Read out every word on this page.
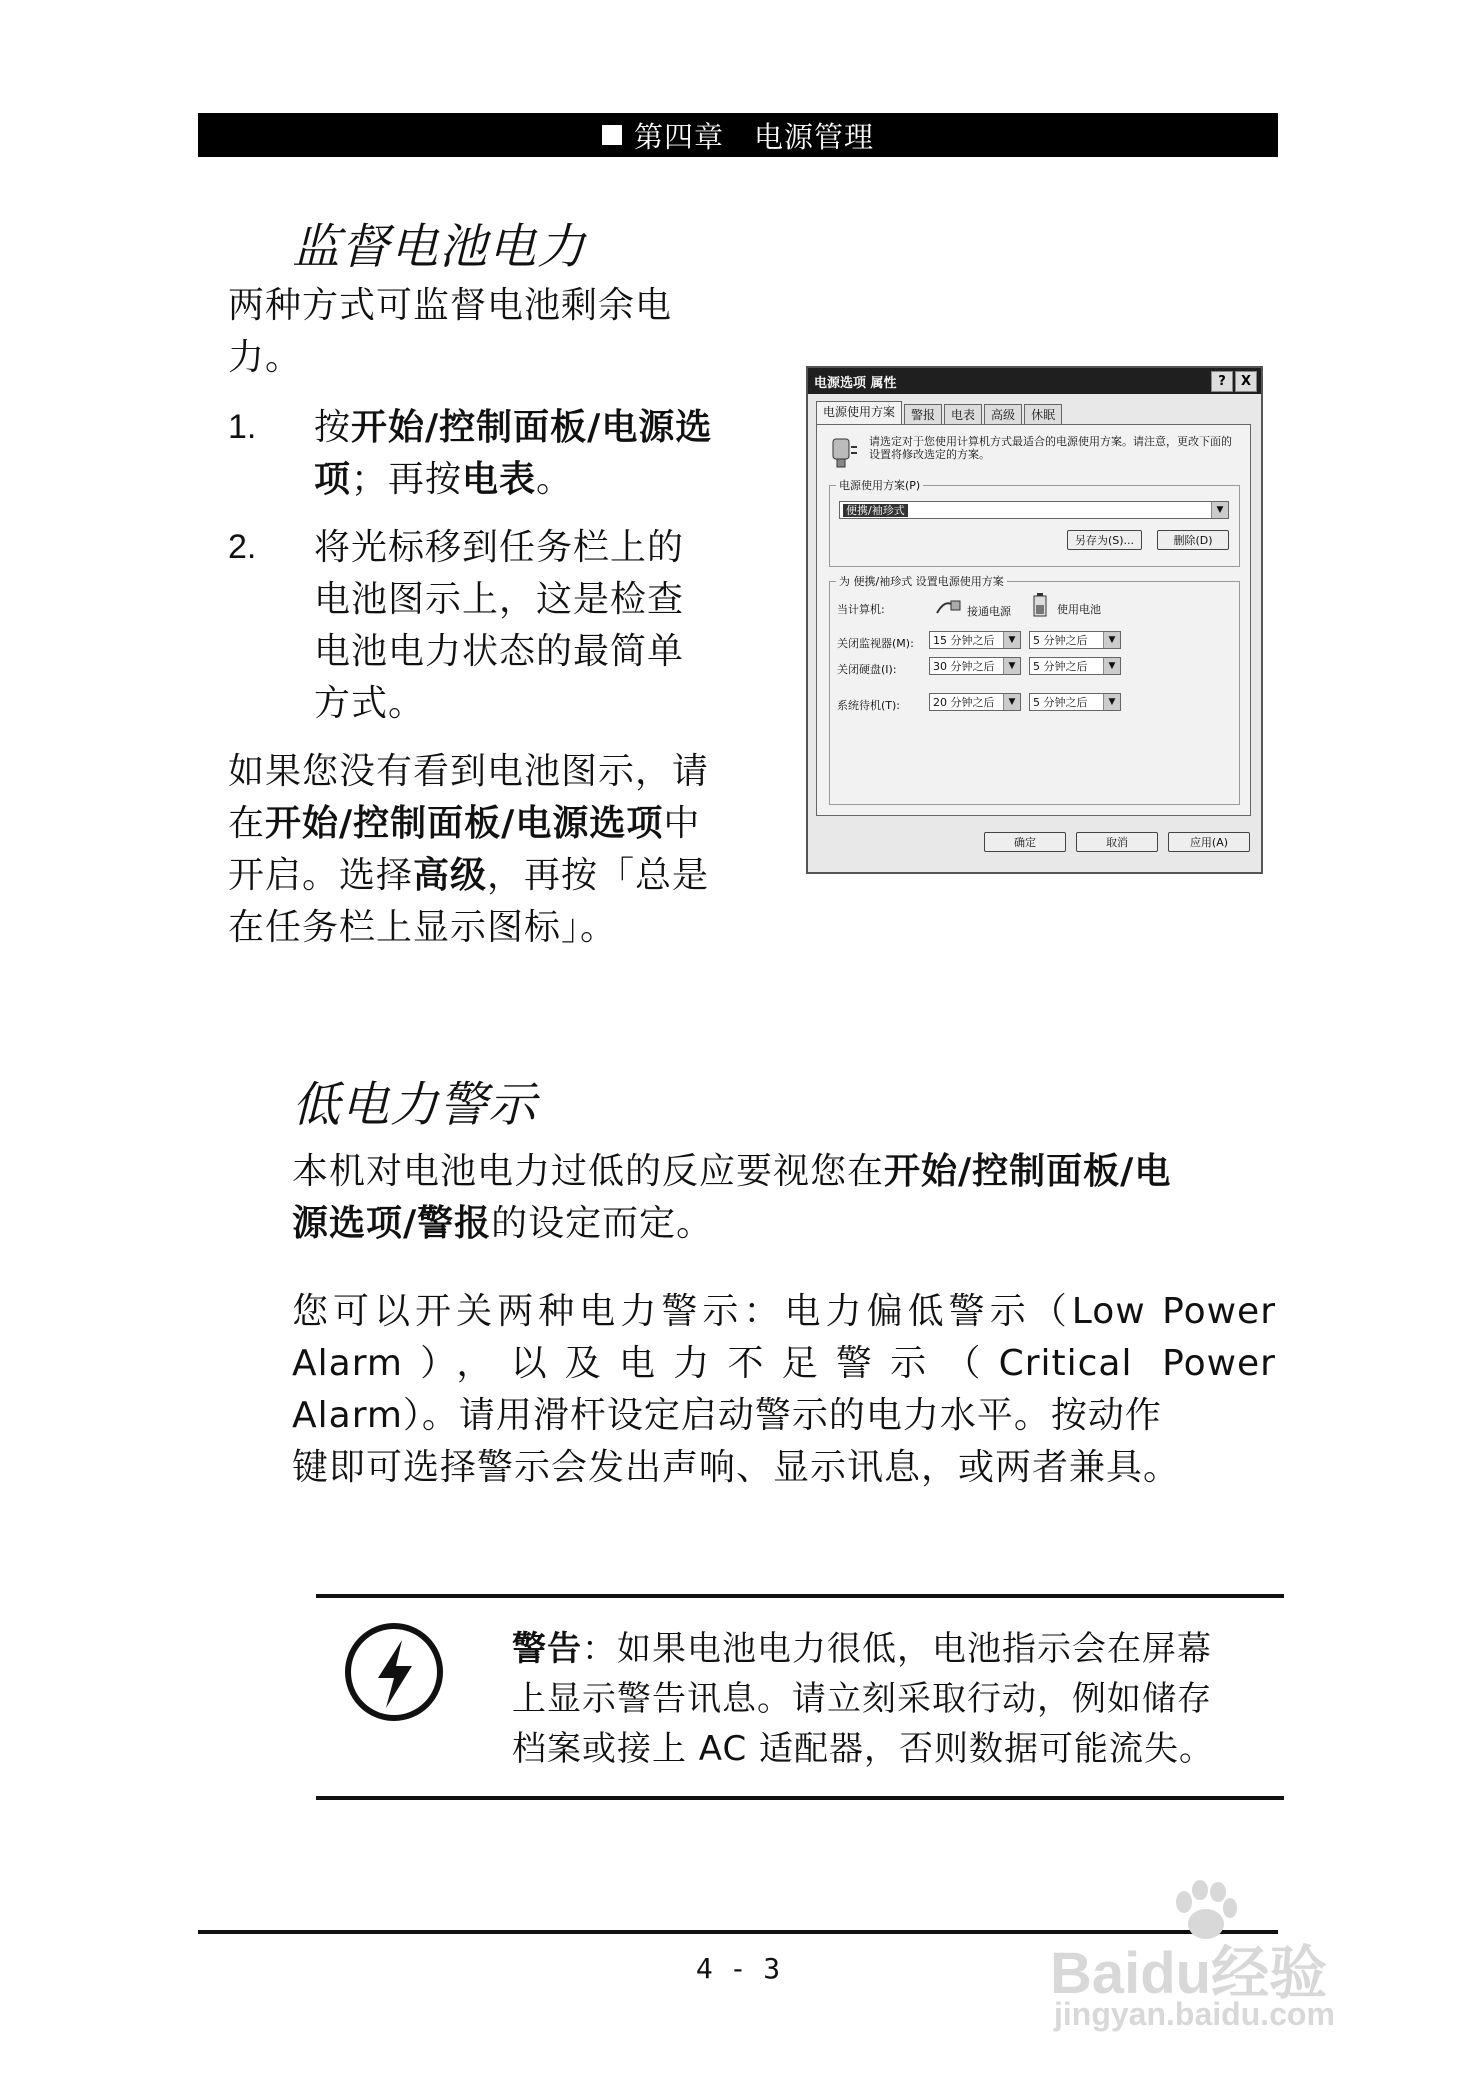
第四章　电源管理
监督电池电力
两种方式可监督电池剩余电
力。
1. 按开始/控制面板/电源选
项；再按电表。
2. 将光标移到任务栏上的
电池图示上，这是检查
电池电力状态的最简单
方式。
如果您没有看到电池图示，请
在开始/控制面板/电源选项中
开启。选择高级，再按「总是
在任务栏上显示图标」。
电源选项 属性	?	X
电源使用方案	警报	电表	高级	休眠
请选定对于您使用计算机方式最适合的电源使用方案。请注意，更改下面的设置将修改选定的方案。
电源使用方案(P)
便携/袖珍式	▼
另存为(S)...	删除(D)
为 便携/袖珍式 设置电源使用方案
当计算机:	接通电源	使用电池
关闭监视器(M):	15 分钟之后	▼	5 分钟之后	▼
关闭硬盘(I):	30 分钟之后	▼	5 分钟之后	▼
系统待机(T):	20 分钟之后	▼	5 分钟之后	▼
确定	取消	应用(A)
低电力警示
本机对电池电力过低的反应要视您在开始/控制面板/电
源选项/警报的设定而定。
您可以开关两种电力警示：电力偏低警示（Low Power
Alarm），以及电力不足警示（Critical Power
Alarm）。请用滑杆设定启动警示的电力水平。按动作
键即可选择警示会发出声响、显示讯息，或两者兼具。
警告：如果电池电力很低，电池指示会在屏幕
上显示警告讯息。请立刻采取行动，例如储存
档案或接上 AC 适配器，否则数据可能流失。
4 - 3	Baidu经验
jingyan.baidu.com
